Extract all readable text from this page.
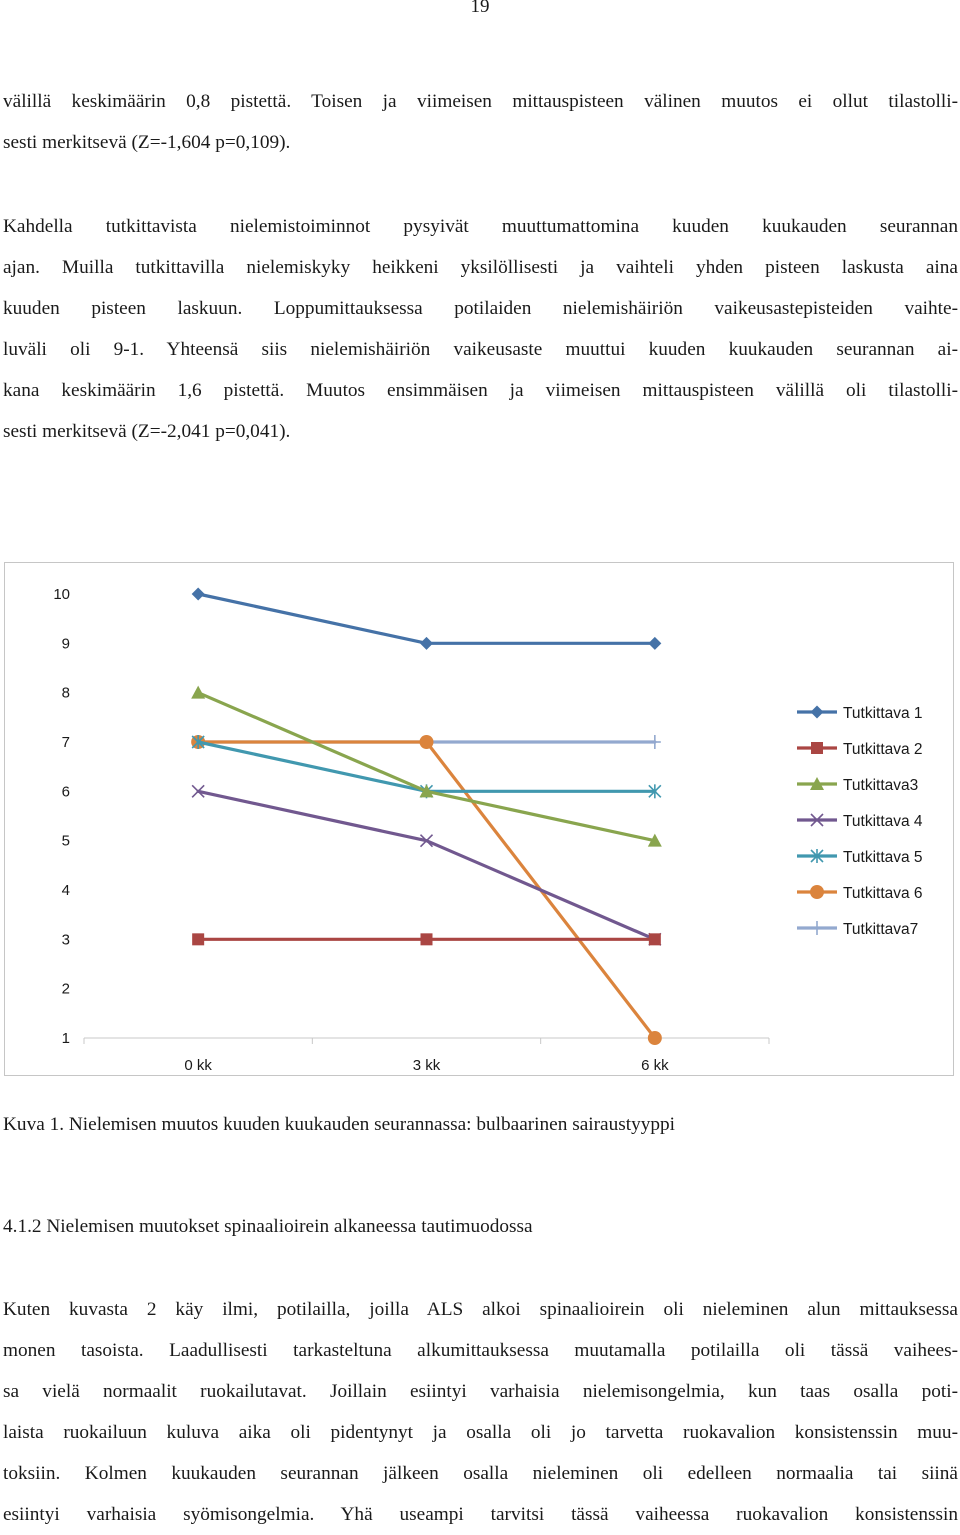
19

välillä keskimäärin 0,8 pistettä. Toisen ja viimeisen mittauspisteen välinen muutos ei ollut tilastolli-
sesti merkitsevä (Z=-1,604 p=0,109).

Kahdella tutkittavista nielemistoiminnot pysyivät muuttumattomina kuuden kuukauden seurannan
ajan. Muilla tutkittavilla nielemiskyky heikkeni yksilöllisesti ja vaihteli yhden pisteen laskusta aina
kuuden pisteen laskuun. Loppumittauksessa potilaiden nielemishäiriön vaikeusastepisteiden vaihte-
luväli oli 9-1. Yhteensä siis nielemishäiriön vaikeusaste muuttui kuuden kuukauden seurannan ai-
kana keskimäärin 1,6 pistettä. Muutos ensimmäisen ja viimeisen mittauspisteen välillä oli tilastolli-
sesti merkitsevä (Z=-2,041 p=0,041).

1
2
3
4
5
6
7
8
9
10
0 kk	3 kk	6 kk
Tutkittava 1
Tutkittava 2
Tutkittava3
Tutkittava 4
Tutkittava 5
Tutkittava 6
Tutkittava7

Kuva 1. Nielemisen muutos kuuden kuukauden seurannassa: bulbaarinen sairaustyyppi

4.1.2 Nielemisen muutokset spinaalioirein alkaneessa tautimuodossa

Kuten kuvasta 2 käy ilmi, potilailla, joilla ALS alkoi spinaalioirein oli nieleminen alun mittauksessa
monen tasoista. Laadullisesti tarkasteltuna alkumittauksessa muutamalla potilailla oli tässä vaihees-
sa vielä normaalit ruokailutavat. Joillain esiintyi varhaisia nielemisongelmia, kun taas osalla poti-
laista ruokailuun kuluva aika oli pidentynyt ja osalla oli jo tarvetta ruokavalion konsistenssin muu-
toksiin. Kolmen kuukauden seurannan jälkeen osalla nieleminen oli edelleen normaalia tai siinä
esiintyi varhaisia syömisongelmia. Yhä useampi tarvitsi tässä vaiheessa ruokavalion konsistenssin
